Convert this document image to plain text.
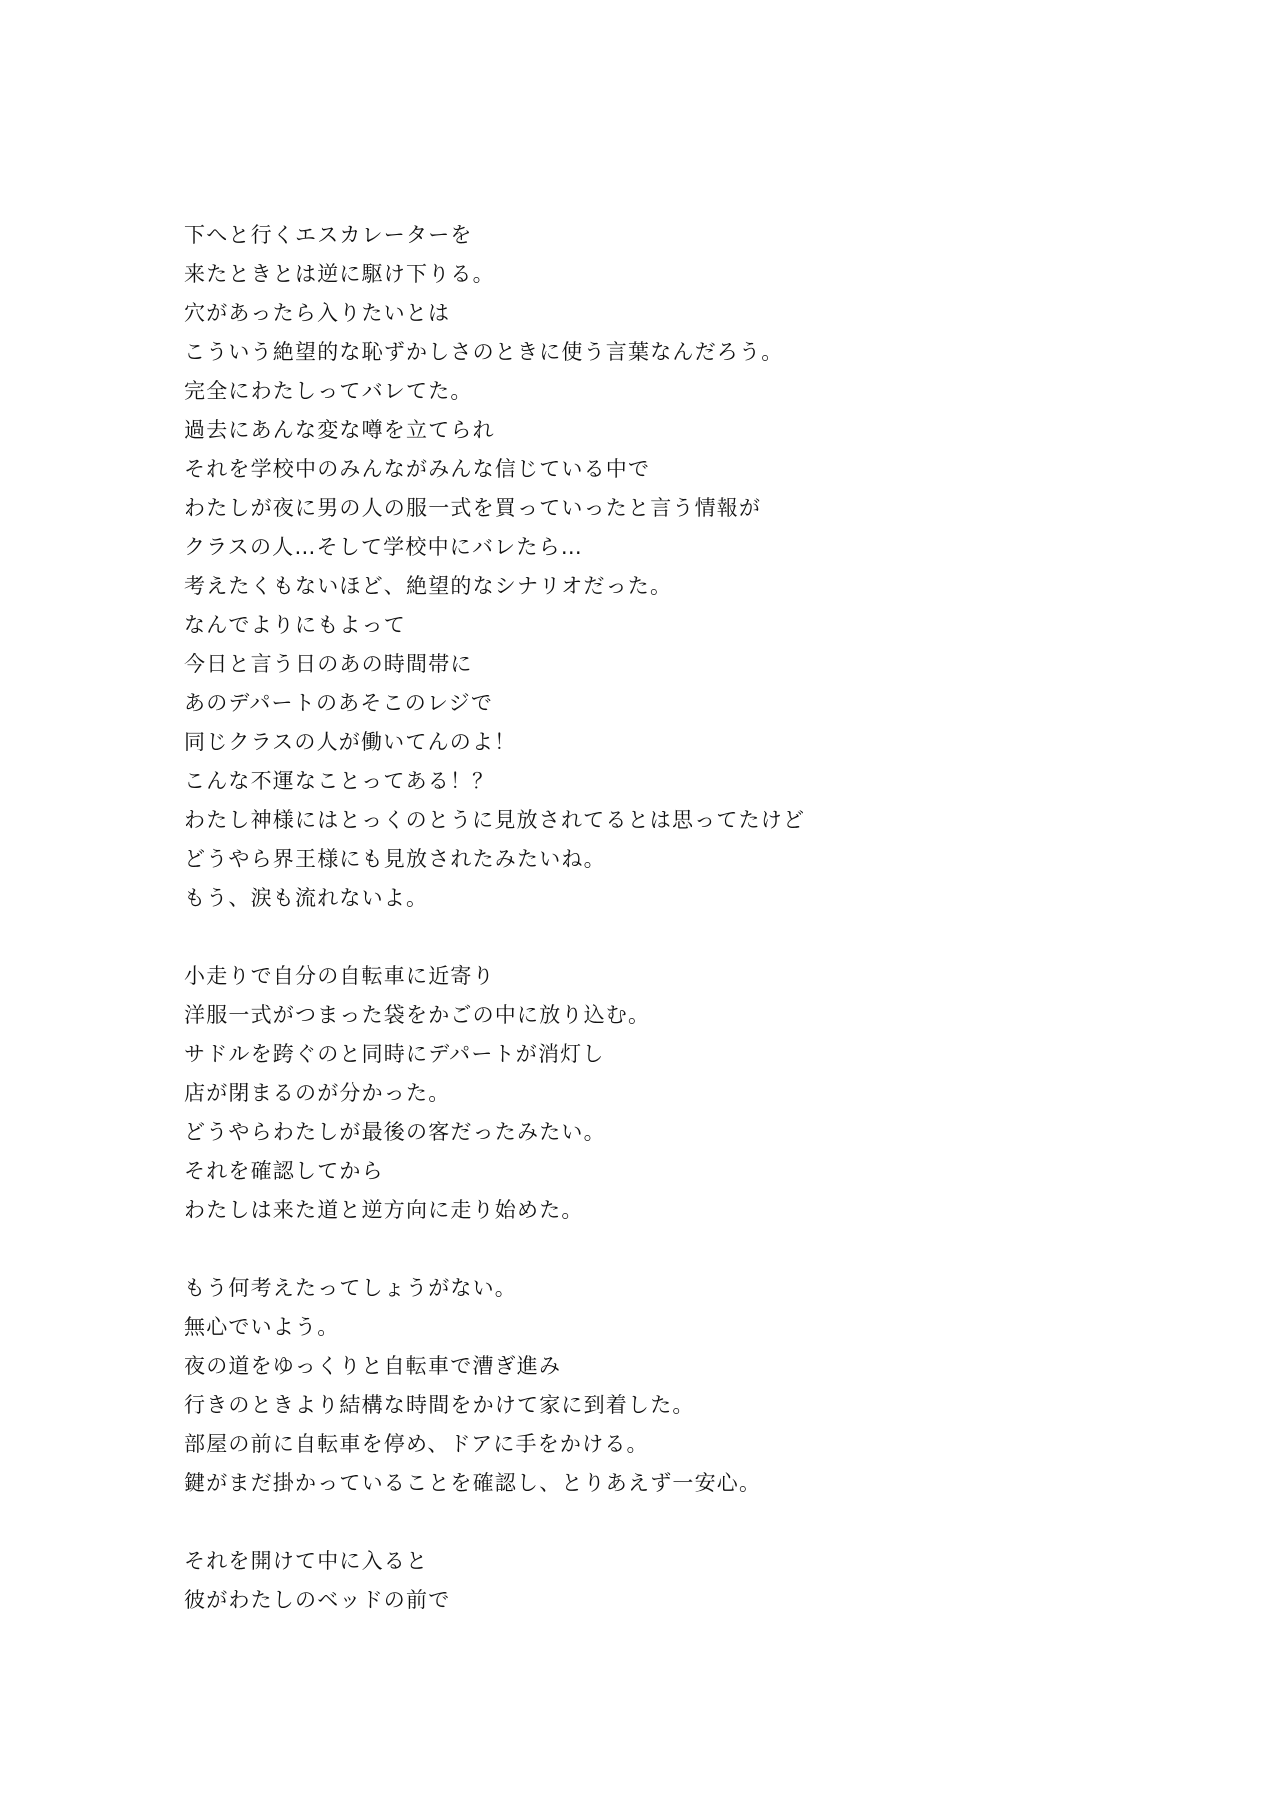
下へと行くエスカレーターを
来たときとは逆に駆け下りる。
穴があったら入りたいとは
こういう絶望的な恥ずかしさのときに使う言葉なんだろう。
完全にわたしってバレてた。
過去にあんな変な噂を立てられ
それを学校中のみんながみんな信じている中で
わたしが夜に男の人の服一式を買っていったと言う情報が
クラスの人…そして学校中にバレたら…
考えたくもないほど、絶望的なシナリオだった。
なんでよりにもよって
今日と言う日のあの時間帯に
あのデパートのあそこのレジで
同じクラスの人が働いてんのよ！
こんな不運なことってある！？
わたし神様にはとっくのとうに見放されてるとは思ってたけど
どうやら界王様にも見放されたみたいね。
もう、涙も流れないよ。
小走りで自分の自転車に近寄り
洋服一式がつまった袋をかごの中に放り込む。
サドルを跨ぐのと同時にデパートが消灯し
店が閉まるのが分かった。
どうやらわたしが最後の客だったみたい。
それを確認してから
わたしは来た道と逆方向に走り始めた。
もう何考えたってしょうがない。
無心でいよう。
夜の道をゆっくりと自転車で漕ぎ進み
行きのときより結構な時間をかけて家に到着した。
部屋の前に自転車を停め、ドアに手をかける。
鍵がまだ掛かっていることを確認し、とりあえず一安心。
それを開けて中に入ると
彼がわたしのベッドの前で
